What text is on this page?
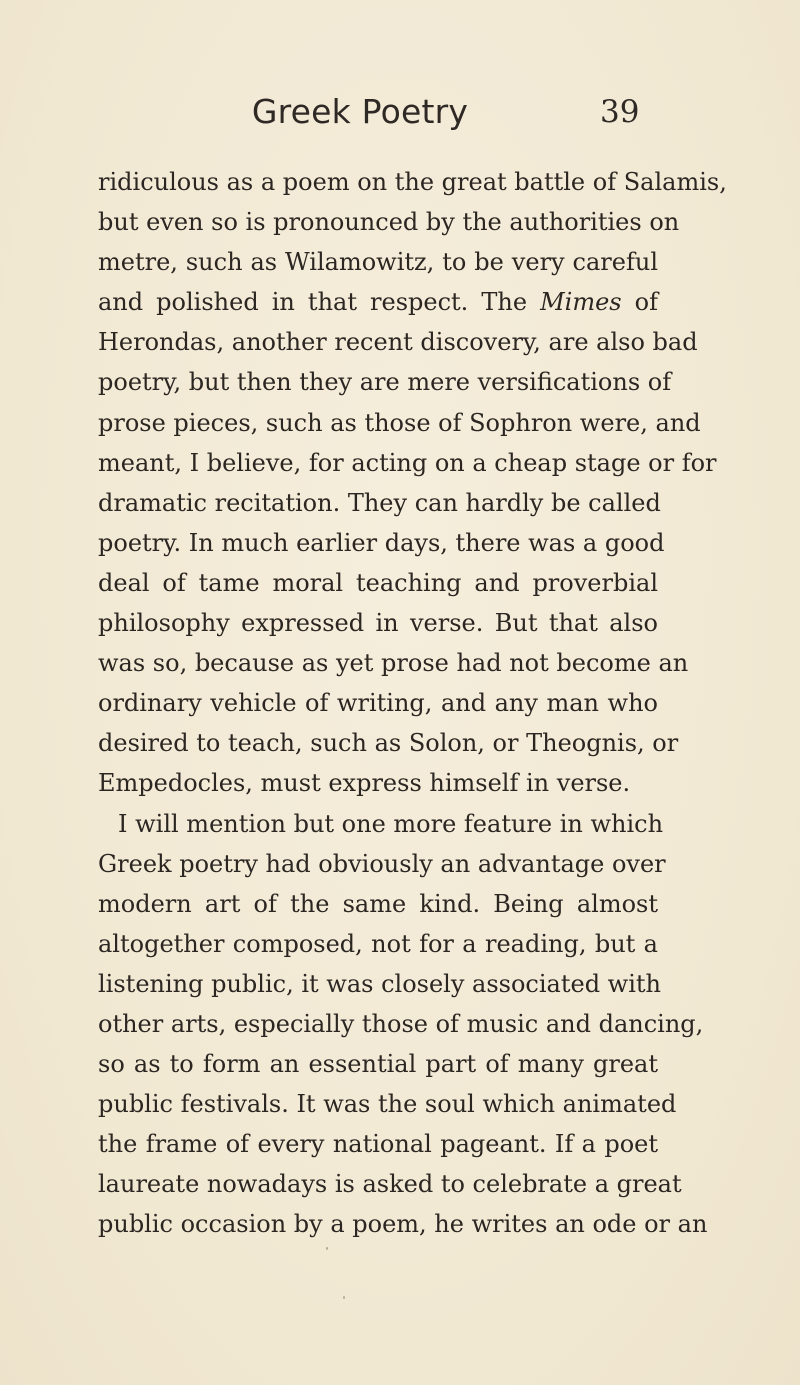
Greek Poetry	39
ridiculous as a poem on the great battle of Salamis,
but even so is pronounced by the authorities on
metre, such as Wilamowitz, to be very careful
and polished in that respect. The Mimes of
Herondas, another recent discovery, are also bad
poetry, but then they are mere versifications of
prose pieces, such as those of Sophron were, and
meant, I believe, for acting on a cheap stage or for
dramatic recitation. They can hardly be called
poetry. In much earlier days, there was a good
deal of tame moral teaching and proverbial
philosophy expressed in verse. But that also
was so, because as yet prose had not become an
ordinary vehicle of writing, and any man who
desired to teach, such as Solon, or Theognis, or
Empedocles, must express himself in verse.
I will mention but one more feature in which
Greek poetry had obviously an advantage over
modern art of the same kind. Being almost
altogether composed, not for a reading, but a
listening public, it was closely associated with
other arts, especially those of music and dancing,
so as to form an essential part of many great
public festivals. It was the soul which animated
the frame of every national pageant. If a poet
laureate nowadays is asked to celebrate a great
public occasion by a poem, he writes an ode or an
